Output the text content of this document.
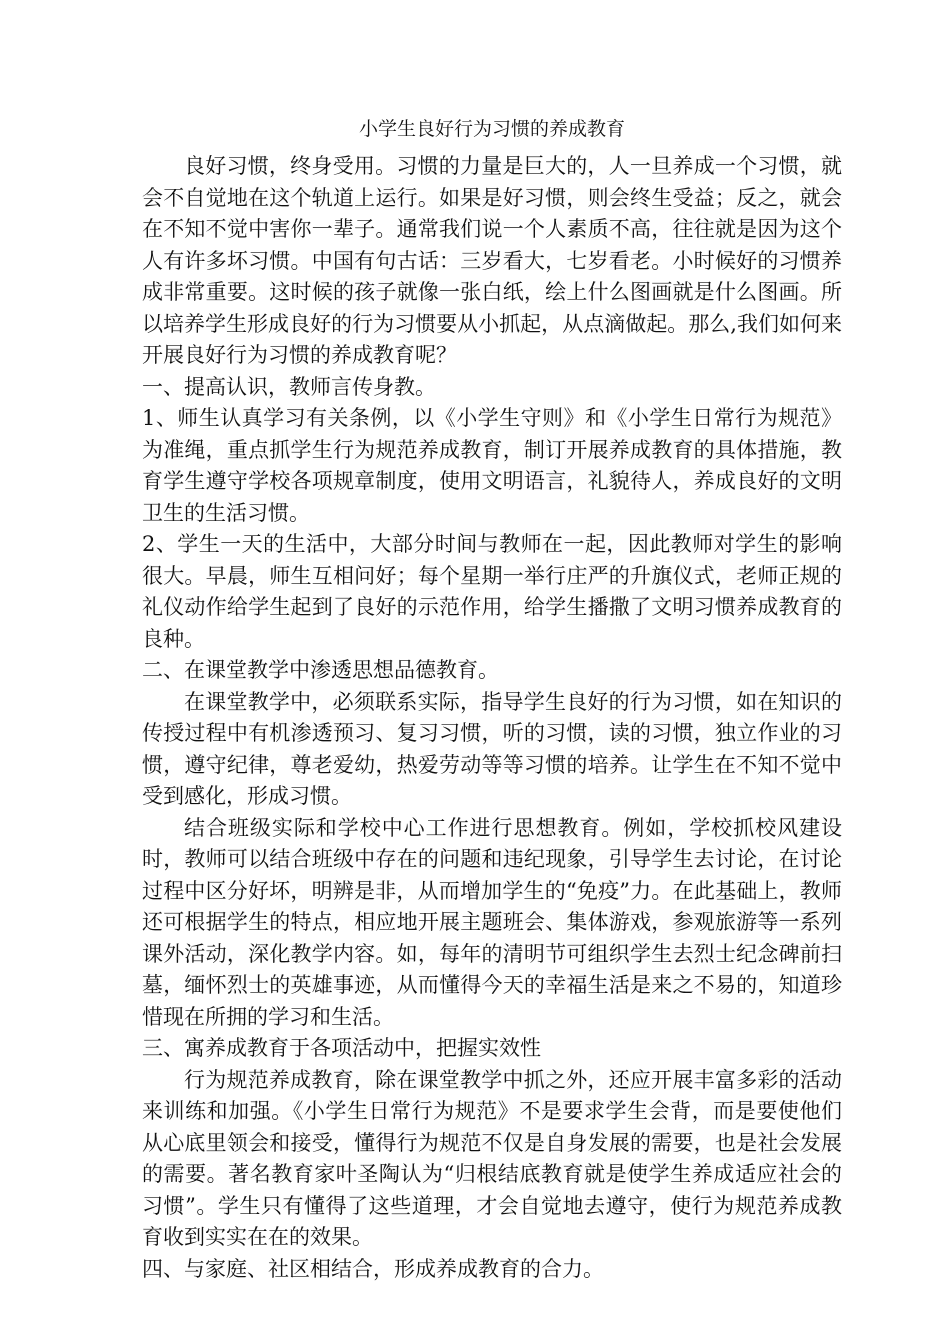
小学生良好行为习惯的养成教育

良好习惯，终身受用。习惯的力量是巨大的，人一旦养成一个习惯，就会不自觉地在这个轨道上运行。如果是好习惯，则会终生受益；反之，就会在不知不觉中害你一辈子。通常我们说一个人素质不高，往往就是因为这个人有许多坏习惯。中国有句古话：三岁看大，七岁看老。小时候好的习惯养成非常重要。这时候的孩子就像一张白纸，绘上什么图画就是什么图画。所以培养学生形成良好的行为习惯要从小抓起，从点滴做起。那么,我们如何来开展良好行为习惯的养成教育呢？

一、提高认识，教师言传身教。

1、师生认真学习有关条例，以《小学生守则》和《小学生日常行为规范》为准绳，重点抓学生行为规范养成教育，制订开展养成教育的具体措施，教育学生遵守学校各项规章制度，使用文明语言，礼貌待人，养成良好的文明卫生的生活习惯。

2、学生一天的生活中，大部分时间与教师在一起，因此教师对学生的影响很大。早晨，师生互相问好；每个星期一举行庄严的升旗仪式，老师正规的礼仪动作给学生起到了良好的示范作用，给学生播撒了文明习惯养成教育的良种。

二、在课堂教学中渗透思想品德教育。

在课堂教学中，必须联系实际，指导学生良好的行为习惯，如在知识的传授过程中有机渗透预习、复习习惯，听的习惯，读的习惯，独立作业的习惯，遵守纪律，尊老爱幼，热爱劳动等等习惯的培养。让学生在不知不觉中受到感化，形成习惯。

结合班级实际和学校中心工作进行思想教育。例如，学校抓校风建设时，教师可以结合班级中存在的问题和违纪现象，引导学生去讨论，在讨论过程中区分好坏，明辨是非，从而增加学生的“免疫”力。在此基础上，教师还可根据学生的特点，相应地开展主题班会、集体游戏，参观旅游等一系列课外活动，深化教学内容。如，每年的清明节可组织学生去烈士纪念碑前扫墓，缅怀烈士的英雄事迹，从而懂得今天的幸福生活是来之不易的，知道珍惜现在所拥的学习和生活。

三、寓养成教育于各项活动中，把握实效性

行为规范养成教育，除在课堂教学中抓之外，还应开展丰富多彩的活动来训练和加强。《小学生日常行为规范》不是要求学生会背，而是要使他们从心底里领会和接受，懂得行为规范不仅是自身发展的需要，也是社会发展的需要。著名教育家叶圣陶认为“归根结底教育就是使学生养成适应社会的习惯”。学生只有懂得了这些道理，才会自觉地去遵守，使行为规范养成教育收到实实在在的效果。

四、与家庭、社区相结合，形成养成教育的合力。
